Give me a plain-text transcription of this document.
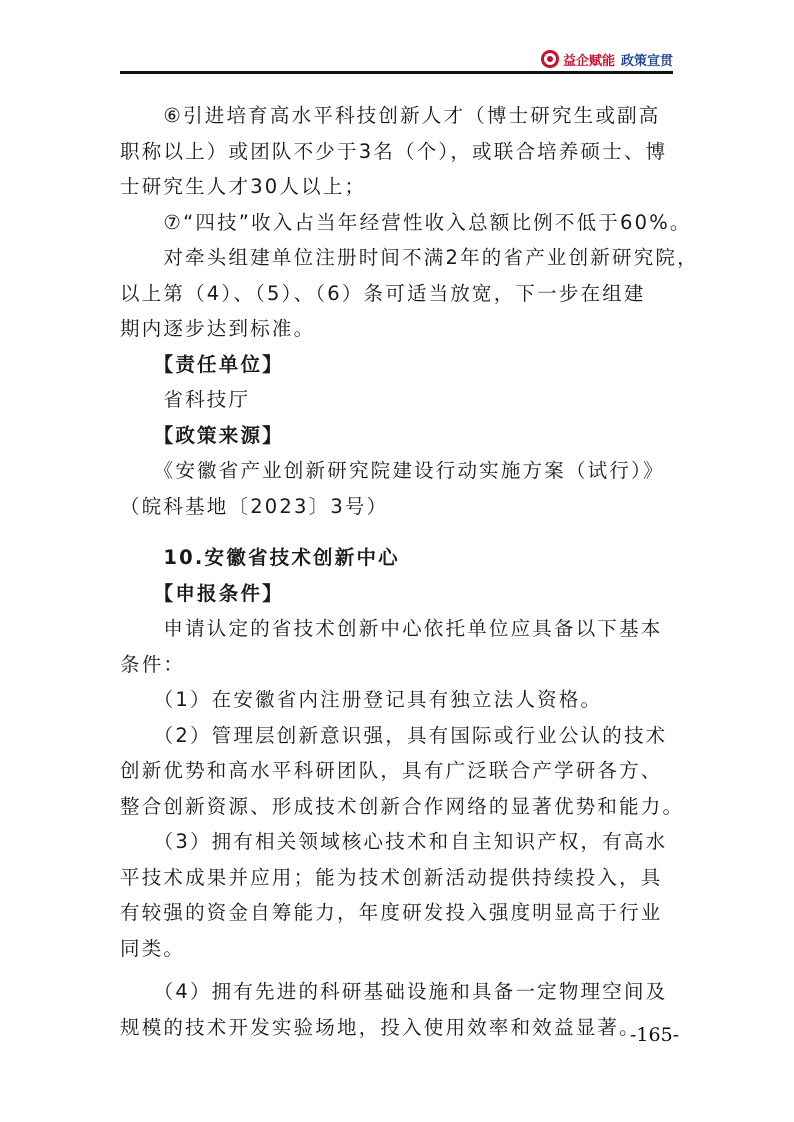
益企赋能 政策宣贯

　　⑥引进培育高水平科技创新人才（博士研究生或副高

职称以上）或团队不少于3名（个），或联合培养硕士、博

士研究生人才30人以上；

　　⑦“四技”收入占当年经营性收入总额比例不低于60%。

　　对牵头组建单位注册时间不满2年的省产业创新研究院，

以上第（4）、（5）、（6）条可适当放宽，下一步在组建

期内逐步达到标准。

　　【责任单位】

　　省科技厅

　　【政策来源】

　　《安徽省产业创新研究院建设行动实施方案（试行）》

（皖科基地〔2023〕3号）

　　10.安徽省技术创新中心

　　【申报条件】

　　申请认定的省技术创新中心依托单位应具备以下基本

条件：

　　（1）在安徽省内注册登记具有独立法人资格。

　　（2）管理层创新意识强，具有国际或行业公认的技术

创新优势和高水平科研团队，具有广泛联合产学研各方、

整合创新资源、形成技术创新合作网络的显著优势和能力。

　　（3）拥有相关领域核心技术和自主知识产权，有高水

平技术成果并应用；能为技术创新活动提供持续投入，具

有较强的资金自筹能力，年度研发投入强度明显高于行业

同类。

　　（4）拥有先进的科研基础设施和具备一定物理空间及

规模的技术开发实验场地，投入使用效率和效益显著。

-165-
